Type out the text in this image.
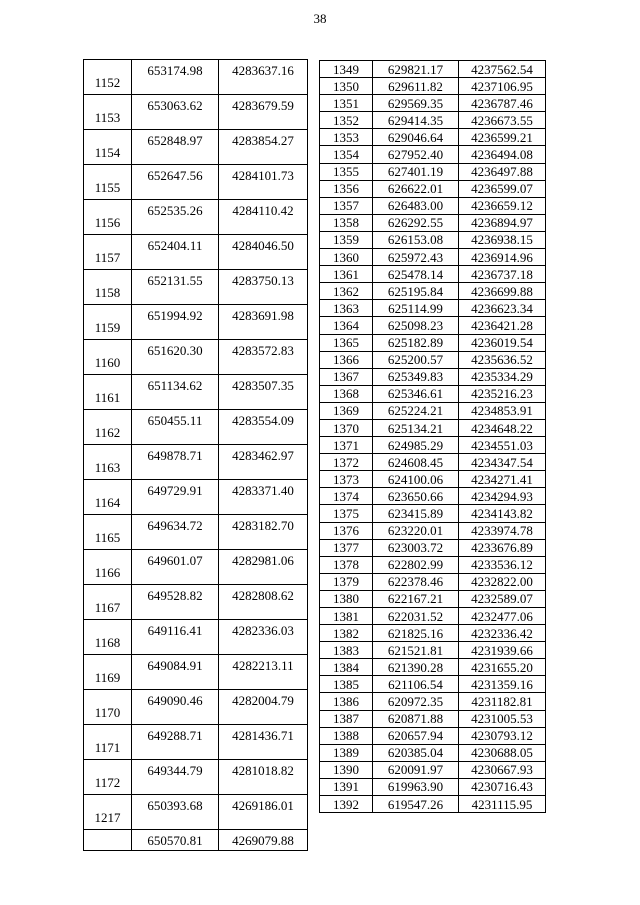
38
1152	653174.98	4283637.16
1153	653063.62	4283679.59
1154	652848.97	4283854.27
1155	652647.56	4284101.73
1156	652535.26	4284110.42
1157	652404.11	4284046.50
1158	652131.55	4283750.13
1159	651994.92	4283691.98
1160	651620.30	4283572.83
1161	651134.62	4283507.35
1162	650455.11	4283554.09
1163	649878.71	4283462.97
1164	649729.91	4283371.40
1165	649634.72	4283182.70
1166	649601.07	4282981.06
1167	649528.82	4282808.62
1168	649116.41	4282336.03
1169	649084.91	4282213.11
1170	649090.46	4282004.79
1171	649288.71	4281436.71
1172	649344.79	4281018.82
1217	650393.68	4269186.01
	650570.81	4269079.88
1349	629821.17	4237562.54
1350	629611.82	4237106.95
1351	629569.35	4236787.46
1352	629414.35	4236673.55
1353	629046.64	4236599.21
1354	627952.40	4236494.08
1355	627401.19	4236497.88
1356	626622.01	4236599.07
1357	626483.00	4236659.12
1358	626292.55	4236894.97
1359	626153.08	4236938.15
1360	625972.43	4236914.96
1361	625478.14	4236737.18
1362	625195.84	4236699.88
1363	625114.99	4236623.34
1364	625098.23	4236421.28
1365	625182.89	4236019.54
1366	625200.57	4235636.52
1367	625349.83	4235334.29
1368	625346.61	4235216.23
1369	625224.21	4234853.91
1370	625134.21	4234648.22
1371	624985.29	4234551.03
1372	624608.45	4234347.54
1373	624100.06	4234271.41
1374	623650.66	4234294.93
1375	623415.89	4234143.82
1376	623220.01	4233974.78
1377	623003.72	4233676.89
1378	622802.99	4233536.12
1379	622378.46	4232822.00
1380	622167.21	4232589.07
1381	622031.52	4232477.06
1382	621825.16	4232336.42
1383	621521.81	4231939.66
1384	621390.28	4231655.20
1385	621106.54	4231359.16
1386	620972.35	4231182.81
1387	620871.88	4231005.53
1388	620657.94	4230793.12
1389	620385.04	4230688.05
1390	620091.97	4230667.93
1391	619963.90	4230716.43
1392	619547.26	4231115.95
